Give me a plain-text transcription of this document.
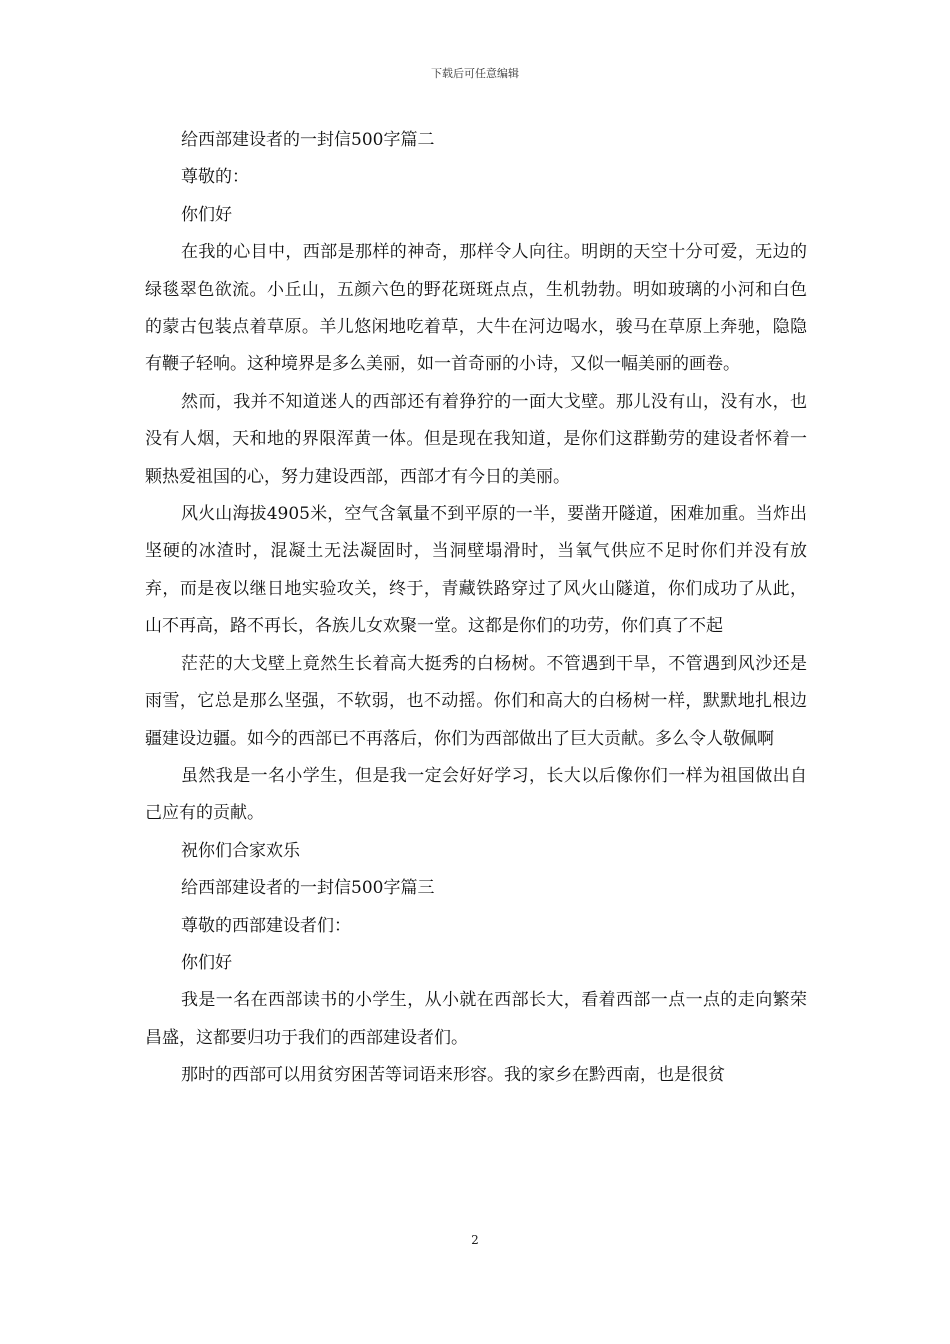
下载后可任意编辑

给西部建设者的一封信500字篇二

尊敬的：

你们好

在我的心目中，西部是那样的神奇，那样令人向往。明朗的天空十分可爱，无边的绿毯翠色欲流。小丘山，五颜六色的野花斑斑点点，生机勃勃。明如玻璃的小河和白色的蒙古包装点着草原。羊儿悠闲地吃着草，大牛在河边喝水，骏马在草原上奔驰，隐隐有鞭子轻响。这种境界是多么美丽，如一首奇丽的小诗，又似一幅美丽的画卷。

然而，我并不知道迷人的西部还有着狰狞的一面大戈壁。那儿没有山，没有水，也没有人烟，天和地的界限浑黄一体。但是现在我知道，是你们这群勤劳的建设者怀着一颗热爱祖国的心，努力建设西部，西部才有今日的美丽。

风火山海拔4905米，空气含氧量不到平原的一半，要凿开隧道，困难加重。当炸出坚硬的冰渣时，混凝土无法凝固时，当洞壁塌滑时，当氧气供应不足时你们并没有放弃，而是夜以继日地实验攻关，终于，青藏铁路穿过了风火山隧道，你们成功了从此，山不再高，路不再长，各族儿女欢聚一堂。这都是你们的功劳，你们真了不起

茫茫的大戈壁上竟然生长着高大挺秀的白杨树。不管遇到干旱，不管遇到风沙还是雨雪，它总是那么坚强，不软弱，也不动摇。你们和高大的白杨树一样，默默地扎根边疆建设边疆。如今的西部已不再落后，你们为西部做出了巨大贡献。多么令人敬佩啊

虽然我是一名小学生，但是我一定会好好学习，长大以后像你们一样为祖国做出自己应有的贡献。

祝你们合家欢乐

给西部建设者的一封信500字篇三

尊敬的西部建设者们：

你们好

我是一名在西部读书的小学生，从小就在西部长大，看着西部一点一点的走向繁荣昌盛，这都要归功于我们的西部建设者们。

那时的西部可以用贫穷困苦等词语来形容。我的家乡在黔西南，也是很贫

2
